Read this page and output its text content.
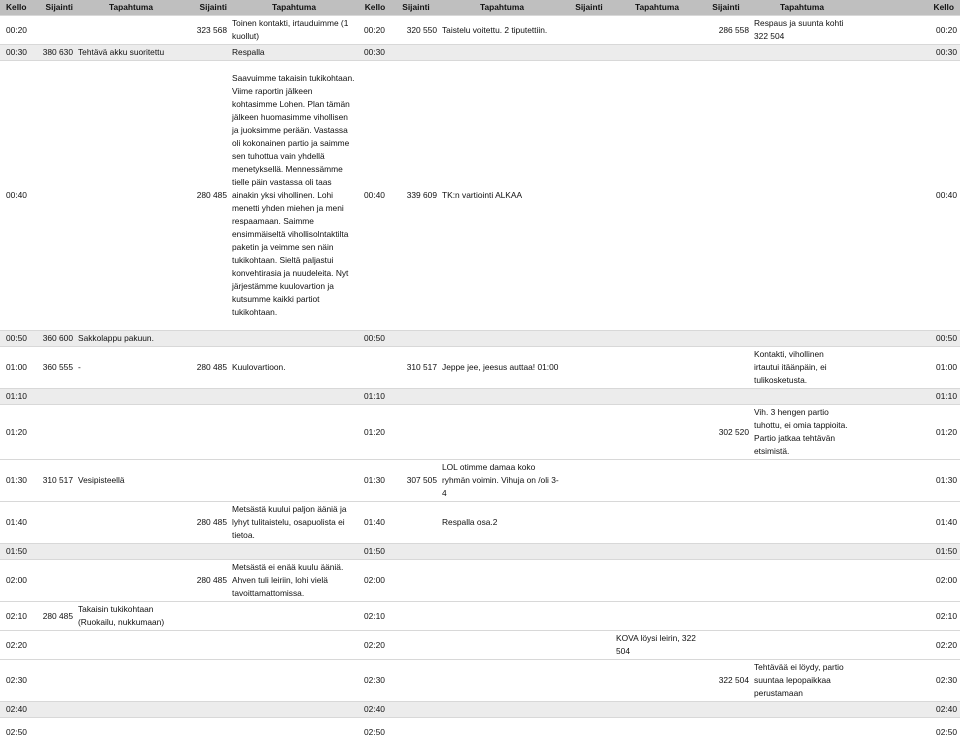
Kello	Sijainti	Tapahtuma	Sijainti	Tapahtuma	Kello	Sijainti	Tapahtuma	Sijainti	Tapahtuma	Sijainti	Tapahtuma	Kello
00:20			323 568	Toinen kontakti, irtauduimme (1 kuollut)	00:20	320 550	Taistelu voitettu. 2 tiputettiin.			286 558	Respaus ja suunta kohti 322 504	00:20
00:30	380 630	Tehtävä akku suoritettu		Respalla	00:30							00:30
00:40			280 485	Saavuimme takaisin tukikohtaan. Viime raportin jälkeen kohtasimme Lohen. Plan tämän jälkeen huomasimme vihollisen ja juoksimme perään. Vastassa oli kokonainen partio ja saimme sen tuhottua vain yhdellä menetyksellä. Mennessämme tielle päin vastassa oli taas ainakin yksi vihollinen. Lohi menetti yhden miehen ja meni respaamaan. Saimme ensimmäiseltä vihollisolntaktilta paketin ja veimme sen näin tukikohtaan. Sieltä paljastui konvehtirasia ja nuudeleita. Nyt järjestämme kuulovartion ja kutsumme kaikki partiot tukikohtaan.	00:40	339 609	TK:n vartiointi ALKAA					00:40
00:50	360 600	Sakkolappu pakuun.			00:50							00:50
01:00	360 555	-	280 485	Kuulovartioon.		310 517	Jeppe jee, jeesus auttaa! 01:00				Kontakti, vihollinen irtautui itäänpäin, ei tulikosketusta.	01:00
01:10					01:10							01:10
01:20					01:20					302 520	Vih. 3 hengen partio tuhottu, ei omia tappioita. Partio jatkaa tehtävän etsimistä.	01:20
01:30	310 517	Vesipisteellä			01:30	307 505	LOL otimme damaa koko ryhmän voimin. Vihuja on /oli 3-4					01:30
01:40			280 485	Metsästä kuului paljon ääniä ja lyhyt tulitaistelu, osapuolista ei tietoa.	01:40		Respalla osa.2					01:40
01:50					01:50							01:50
02:00			280 485	Metsästä ei enää kuulu ääniä. Ahven tuli leiriin, lohi vielä tavoittamattomissa.	02:00							02:00
02:10	280 485	Takaisin tukikohtaan (Ruokailu, nukkumaan)			02:10							02:10
02:20					02:20				KOVA löysi leirin, 322 504			02:20
02:30					02:30					322 504	Tehtävää ei löydy, partio suuntaa lepopaikkaa perustamaan	02:30
02:40					02:40							02:40
02:50					02:50							02:50
